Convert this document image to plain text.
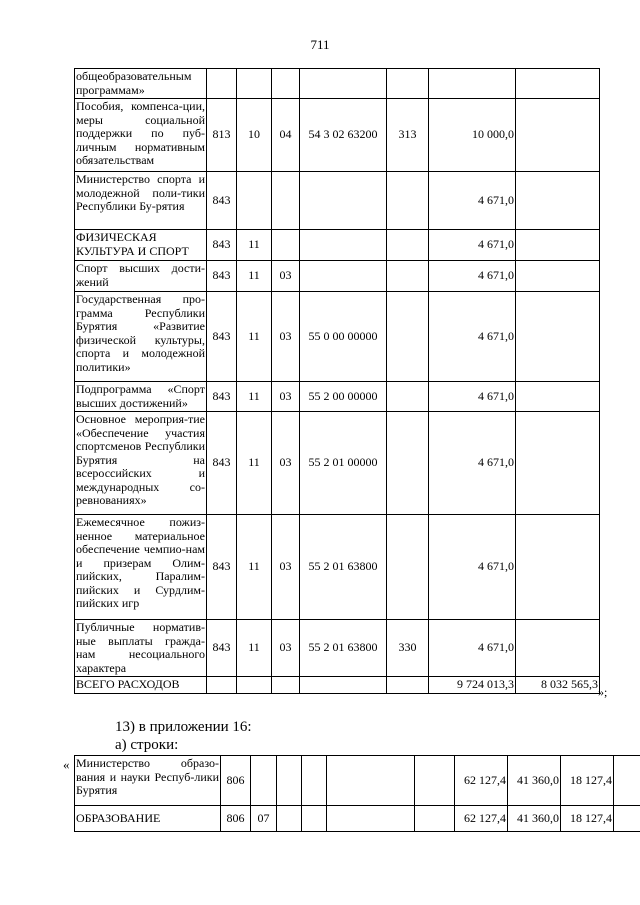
711
общеобразовательным программам»							
Пособия, компенса-ции, меры социальной поддержки по пуб-личным нормативным обязательствам	813	10	04	54 3 02 63200	313	10 000,0	
Министерство спорта и молодежной поли-тики Республики Бу-рятия	843					4 671,0	
ФИЗИЧЕСКАЯ КУЛЬТУРА И СПОРТ	843	11				4 671,0	
Спорт высших дости-жений	843	11	03			4 671,0	
Государственная про-грамма Республики Бурятия «Развитие физической культуры, спорта и молодежной политики»	843	11	03	55 0 00 00000		4 671,0	
Подпрограмма «Спорт высших достижений»	843	11	03	55 2 00 00000		4 671,0	
Основное мероприя-тие «Обеспечение участия спортсменов Республики Бурятия на всероссийских и международных со-ревнованиях»	843	11	03	55 2 01 00000		4 671,0	
Ежемесячное пожиз-ненное материальное обеспечение чемпио-нам и призерам Олим-пийских, Паралим-пийских и Сурдлим-пийских игр	843	11	03	55 2 01 63800		4 671,0	
Публичные норматив-ные выплаты гражда-нам несоциального характера	843	11	03	55 2 01 63800	330	4 671,0	
ВСЕГО РАСХОДОВ						9 724 013,3	8 032 565,3
»;
13) в приложении 16:
а) строки:
« Министерство образо-вания и науки Респуб-лики Бурятия	806						62 127,4	41 360,0	18 127,4	
ОБРАЗОВАНИЕ	806	07					62 127,4	41 360,0	18 127,4	
